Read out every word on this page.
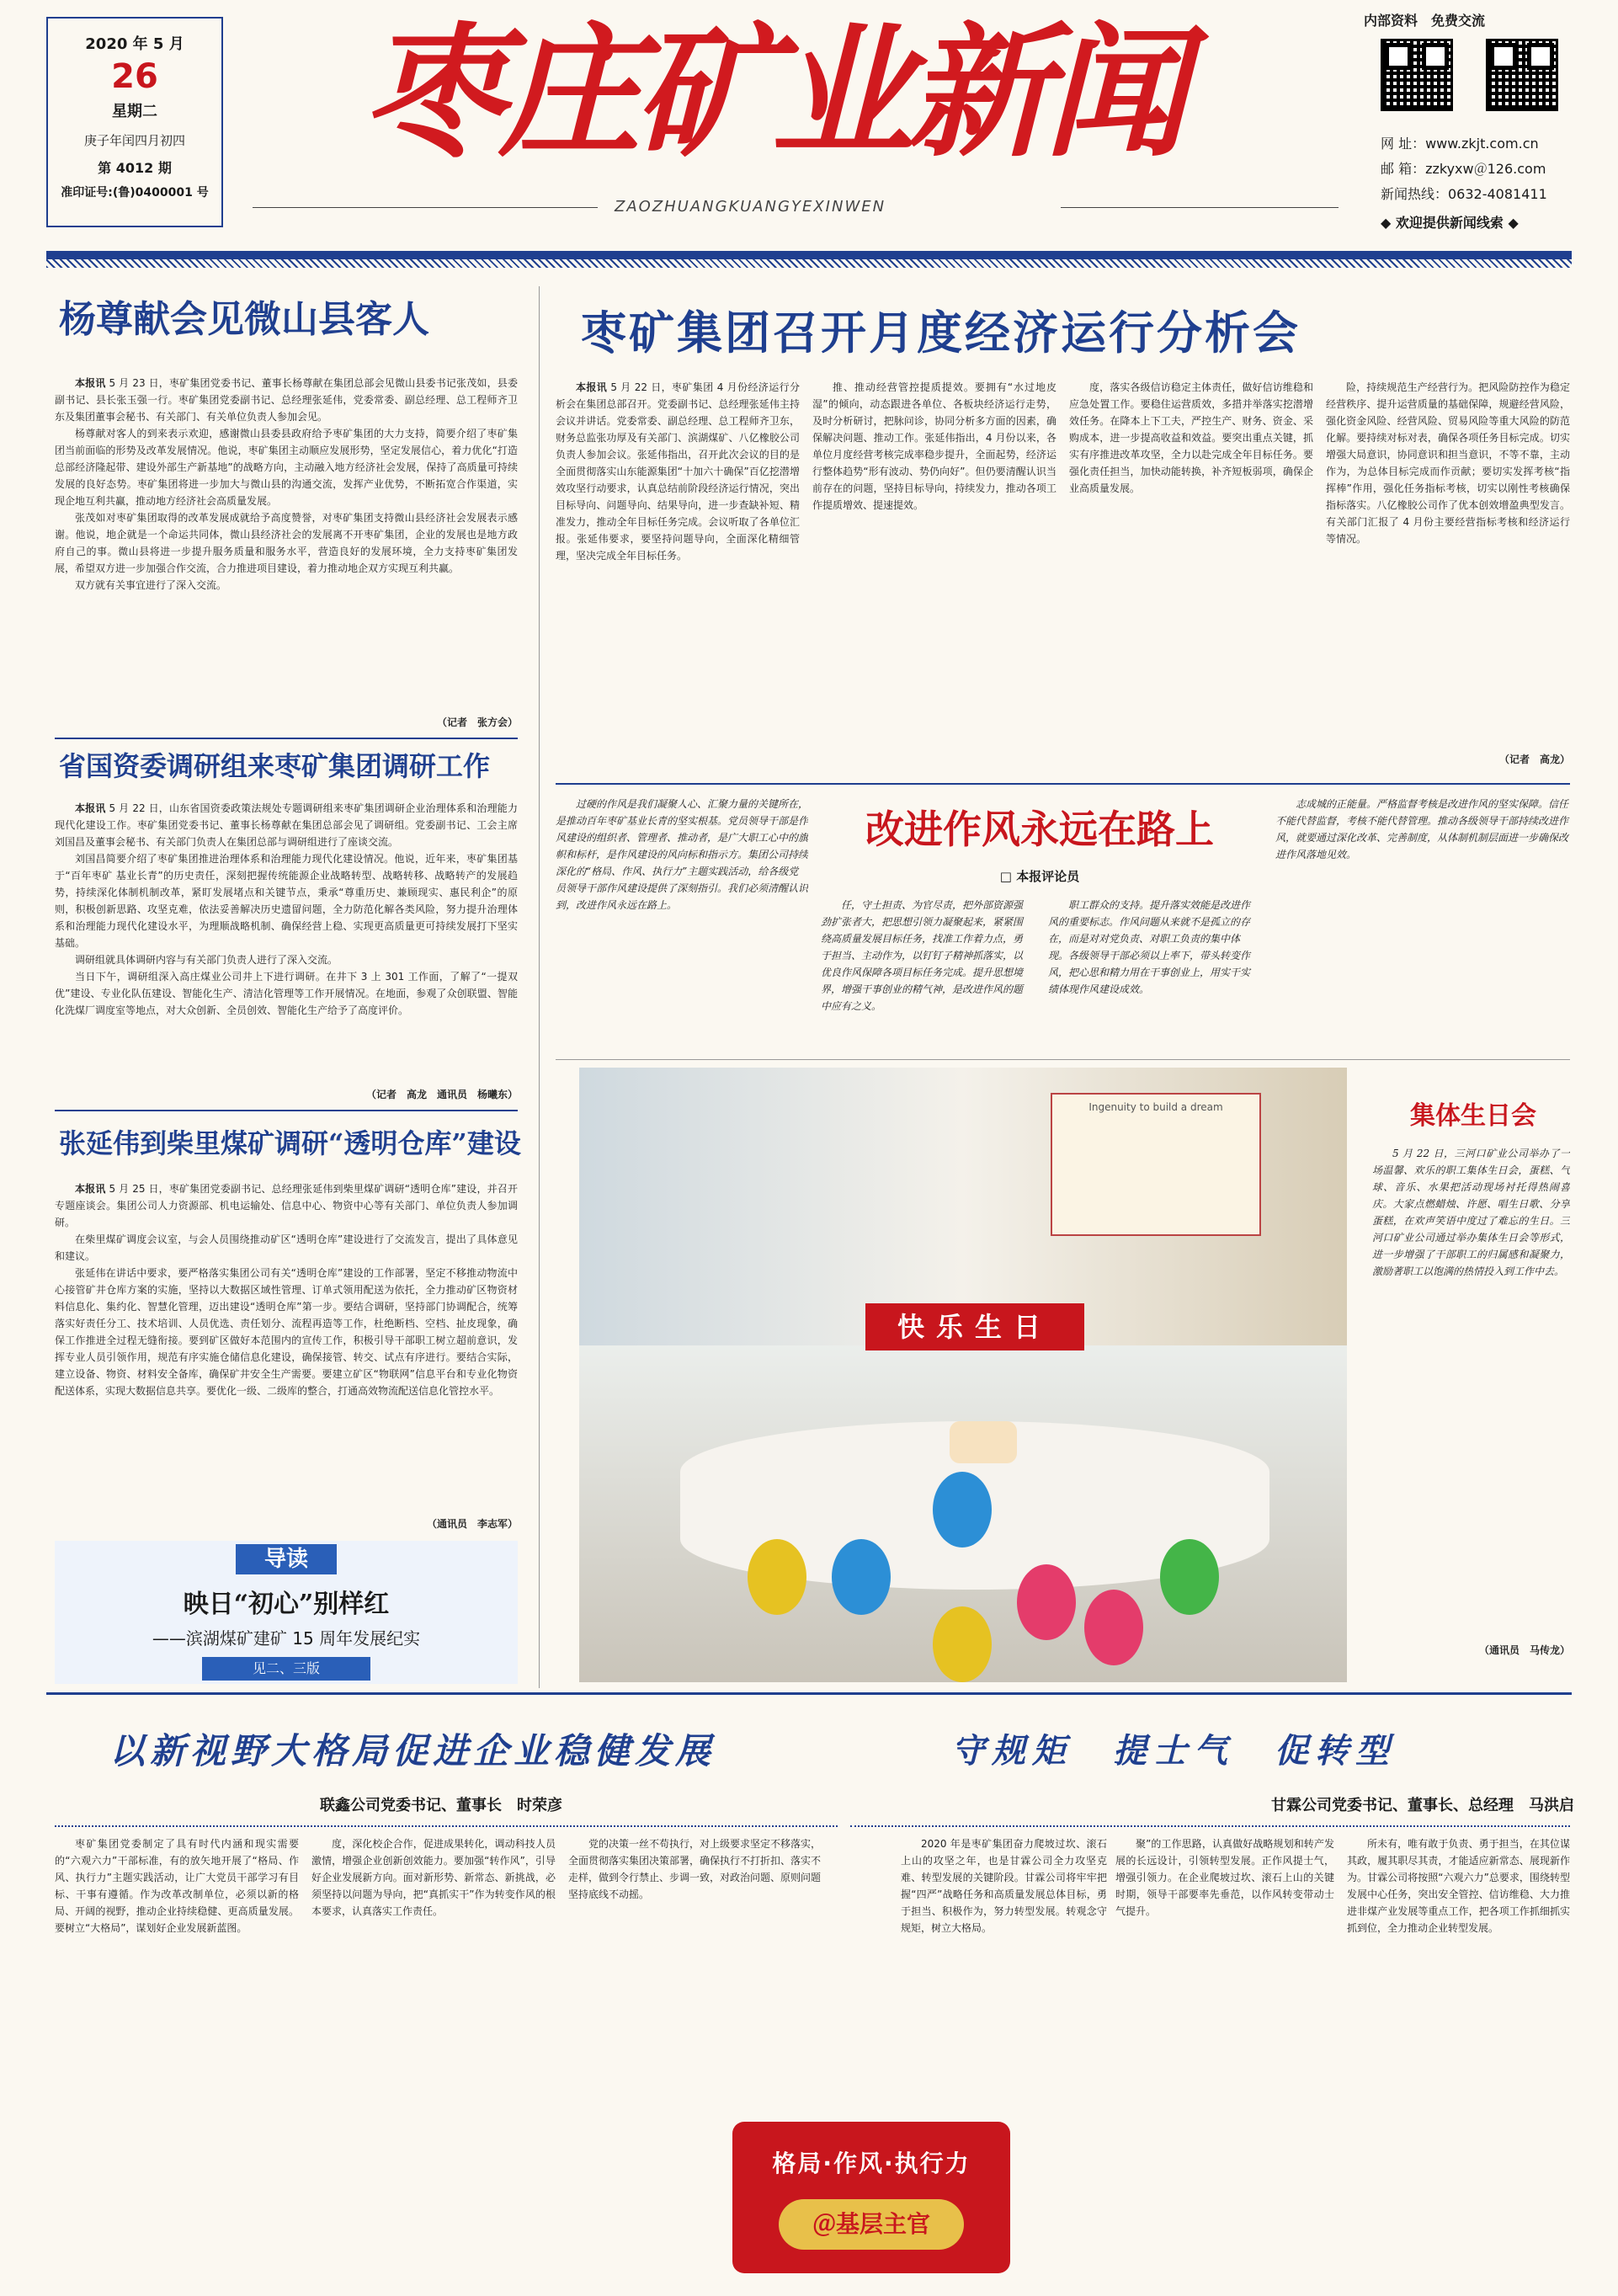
2020 年 5 月
26
星期二
庚子年闰四月初四
第 4012 期
准印证号:(鲁)0400001 号
枣庄矿业新闻
ZAOZHUANGKUANGYEXINWEN
内部资料　免费交流
网 址：www.zkjt.com.cn
邮 箱：zzkyxw＠126.com
新闻热线：0632-4081411
◆ 欢迎提供新闻线索 ◆
杨尊献会见微山县客人

本报讯 5 月 23 日，枣矿集团党委书记、董事长杨尊献在集团总部会见微山县委书记张茂如，县委副书记、县长张玉强一行。枣矿集团党委副书记、总经理张延伟，党委常委、副总经理、总工程师齐卫东及集团董事会秘书、有关部门、有关单位负责人参加会见。

杨尊献对客人的到来表示欢迎，感谢微山县委县政府给予枣矿集团的大力支持，简要介绍了枣矿集团当前面临的形势及改革发展情况。他说，枣矿集团主动顺应发展形势，坚定发展信心，着力优化“打造总部经济隆起带、建设外部生产新基地”的战略方向，主动融入地方经济社会发展，保持了高质量可持续发展的良好态势。枣矿集团将进一步加大与微山县的沟通交流，发挥产业优势，不断拓宽合作渠道，实现企地互利共赢，推动地方经济社会高质量发展。

张茂如对枣矿集团取得的改革发展成就给予高度赞誉，对枣矿集团支持微山县经济社会发展表示感谢。他说，地企就是一个命运共同体，微山县经济社会的发展离不开枣矿集团，企业的发展也是地方政府自己的事。微山县将进一步提升服务质量和服务水平，营造良好的发展环境，全力支持枣矿集团发展，希望双方进一步加强合作交流，合力推进项目建设，着力推动地企双方实现互利共赢。

双方就有关事宜进行了深入交流。

（记者　张方会）
省国资委调研组来枣矿集团调研工作

本报讯 5 月 22 日，山东省国资委政策法规处专题调研组来枣矿集团调研企业治理体系和治理能力现代化建设工作。枣矿集团党委书记、董事长杨尊献在集团总部会见了调研组。党委副书记、工会主席刘国昌及董事会秘书、有关部门负责人在集团总部与调研组进行了座谈交流。

刘国昌简要介绍了枣矿集团推进治理体系和治理能力现代化建设情况。他说，近年来，枣矿集团基于“百年枣矿 基业长青”的历史责任，深刻把握传统能源企业战略转型、战略转移、战略转产的发展趋势，持续深化体制机制改革，紧盯发展堵点和关键节点，秉承“尊重历史、兼顾现实、惠民利企”的原则，积极创新思路、攻坚克难，依法妥善解决历史遗留问题，全力防范化解各类风险，努力提升治理体系和治理能力现代化建设水平，为理顺战略机制、确保经营上稳、实现更高质量更可持续发展打下坚实基础。

调研组就具体调研内容与有关部门负责人进行了深入交流。

当日下午，调研组深入高庄煤业公司井上下进行调研。在井下 3 上 301 工作面，了解了“一提双优”建设、专业化队伍建设、智能化生产、清洁化管理等工作开展情况。在地面，参观了众创联盟、智能化洗煤厂调度室等地点，对大众创新、全员创效、智能化生产给予了高度评价。

（记者　高龙　通讯员　杨曦东）
张延伟到柴里煤矿调研“透明仓库”建设

本报讯 5 月 25 日，枣矿集团党委副书记、总经理张延伟到柴里煤矿调研“透明仓库”建设，并召开专题座谈会。集团公司人力资源部、机电运输处、信息中心、物资中心等有关部门、单位负责人参加调研。

在柴里煤矿调度会议室，与会人员围绕推动矿区“透明仓库”建设进行了交流发言，提出了具体意见和建议。

张延伟在讲话中要求，要严格落实集团公司有关“透明仓库”建设的工作部署，坚定不移推动物流中心接管矿井仓库方案的实施，坚持以大数据区域性管理、订单式领用配送为依托，全力推动矿区物资材料信息化、集约化、智慧化管理，迈出建设“透明仓库”第一步。要结合调研，坚持部门协调配合，统筹落实好责任分工、技术培训、人员优选、责任划分、流程再造等工作，杜绝断档、空档、扯皮现象，确保工作推进全过程无缝衔接。要到矿区做好本范围内的宣传工作，积极引导干部职工树立超前意识，发挥专业人员引领作用，规范有序实施仓储信息化建设，确保接管、转交、试点有序进行。要结合实际，建立设备、物资、材料安全备库，确保矿井安全生产需要。要建立矿区“物联网”信息平台和专业化物资配送体系，实现大数据信息共享。要优化一级、二级库的整合，打通高效物流配送信息化管控水平。

（通讯员　李志军）
导读
映日“初心”别样红
——滨湖煤矿建矿 15 周年发展纪实
见二、三版
枣矿集团召开月度经济运行分析会

本报讯 5 月 22 日，枣矿集团 4 月份经济运行分析会在集团总部召开。党委副书记、总经理张延伟主持会议并讲话。党委常委、副总经理、总工程师齐卫东，财务总监张功厚及有关部门、滨湖煤矿、八亿橡胶公司负责人参加会议。张延伟指出，召开此次会议的目的是全面贯彻落实山东能源集团“十加六十确保”百亿挖潜增效攻坚行动要求，认真总结前阶段经济运行情况，突出目标导向、问题导向、结果导向，进一步查缺补短、精准发力，推动全年目标任务完成。会议听取了各单位汇报。张延伟要求，要坚持问题导向，全面深化精细管理，坚决完成全年目标任务。

推、推动经营管控提质提效。要拥有“水过地皮湿”的倾向，动态跟进各单位、各板块经济运行走势，及时分析研讨，把脉问诊，协同分析多方面的因素，确保解决问题、推动工作。张延伟指出，4 月份以来，各单位月度经营考核完成率稳步提升，全面起势，经济运行整体趋势“形有波动、势仍向好”。但仍要清醒认识当前存在的问题，坚持目标导向，持续发力，推动各项工作提质增效、提速提效。
度，落实各级信访稳定主体责任，做好信访维稳和应急处置工作。要稳住运营质效，多措并举落实挖潜增效任务。在降本上下工夫，严控生产、财务、资金、采购成本，进一步提高收益和效益。要突出重点关键，抓实有序推进改革攻坚，全力以赴完成全年目标任务。要强化责任担当，加快动能转换，补齐短板弱项，确保企业高质量发展。
险，持续规范生产经营行为。把风险防控作为稳定经营秩序、提升运营质量的基础保障，规避经营风险，强化资金风险、经营风险、贸易风险等重大风险的防范化解。要持续对标对表，确保各项任务目标完成。切实增强大局意识，协同意识和担当意识，不等不靠，主动作为，为总体目标完成而作贡献；要切实发挥考核“指挥棒”作用，强化任务指标考核，切实以刚性考核确保指标落实。八亿橡胶公司作了优本创效增盈典型发言。有关部门汇报了 4 月份主要经营指标考核和经济运行等情况。
（记者　高龙）
过硬的作风是我们凝聚人心、汇聚力量的关键所在，是推动百年枣矿基业长青的坚实根基。党员领导干部是作风建设的组织者、管理者、推动者，是广大职工心中的旗帜和标杆，是作风建设的风向标和指示方。集团公司持续深化的“格局、作风、执行力”主题实践活动，给各级党员领导干部作风建设提供了深刻指引。我们必须清醒认识到，改进作风永远在路上。
改进作风永远在路上
□ 本报评论员
任，守土担责、为官尽责，把外部资源强劲扩张者大，把思想引领力凝聚起来，紧紧围绕高质量发展目标任务，找准工作着力点，勇于担当、主动作为，以钉钉子精神抓落实，以优良作风保障各项目标任务完成。提升思想境界，增强干事创业的精气神，是改进作风的题中应有之义。
职工群众的支持。提升落实效能是改进作风的重要标志。作风问题从来就不是孤立的存在，而是对对党负责、对职工负责的集中体现。各级领导干部必须以上率下，带头转变作风，把心思和精力用在干事创业上，用实干实绩体现作风建设成效。
志成城的正能量。严格监督考核是改进作风的坚实保障。信任不能代替监督，考核不能代替管理。推动各级领导干部持续改进作风，就要通过深化改革、完善制度，从体制机制层面进一步确保改进作风落地见效。
Ingenuity to build a dream
快乐生日
集体生日会
5 月 22 日，三河口矿业公司举办了一场温馨、欢乐的职工集体生日会，蛋糕、气球、音乐、水果把活动现场衬托得热闹喜庆。大家点燃蜡烛、许愿、唱生日歌、分享蛋糕，在欢声笑语中度过了难忘的生日。三河口矿业公司通过举办集体生日会等形式，进一步增强了干部职工的归属感和凝聚力，激励著职工以饱满的热情投入到工作中去。
（通讯员　马传龙）
以新视野大格局促进企业稳健发展
联鑫公司党委书记、董事长　时荣彦
枣矿集团党委制定了具有时代内涵和现实需要的“六观六力”干部标准，有的放矢地开展了“格局、作风、执行力”主题实践活动，让广大党员干部学习有目标、干事有遵循。作为改革改制单位，必须以新的格局、开阔的视野，推动企业持续稳健、更高质量发展。要树立“大格局”，谋划好企业发展新蓝图。
度，深化校企合作，促进成果转化，调动科技人员激情，增强企业创新创效能力。要加强“转作风”，引导好企业发展新方向。面对新形势、新常态、新挑战，必须坚持以问题为导向，把“真抓实干”作为转变作风的根本要求，认真落实工作责任。
党的决策一丝不苟执行，对上级要求坚定不移落实，全面贯彻落实集团决策部署，确保执行不打折扣、落实不走样，做到令行禁止、步调一致，对政治问题、原则问题坚持底线不动摇。
格局·作风·执行力
＠基层主官
守规矩　提士气　促转型
甘霖公司党委书记、董事长、总经理　马洪启
2020 年是枣矿集团奋力爬坡过坎、滚石上山的攻坚之年，也是甘霖公司全力攻坚克难、转型发展的关键阶段。甘霖公司将牢牢把握“四严”战略任务和高质量发展总体目标，勇于担当、积极作为，努力转型发展。转观念守规矩，树立大格局。
聚”的工作思路，认真做好战略规划和转产发展的长远设计，引领转型发展。正作风提士气，增强引领力。在企业爬坡过坎、滚石上山的关键时期，领导干部要率先垂范，以作风转变带动士气提升。
所未有，唯有敢于负责、勇于担当，在其位谋其政，履其职尽其责，才能适应新常态、展现新作为。甘霖公司将按照“六观六力”总要求，围绕转型发展中心任务，突出安全管控、信访维稳、大力推进非煤产业发展等重点工作，把各项工作抓细抓实抓到位，全力推动企业转型发展。
